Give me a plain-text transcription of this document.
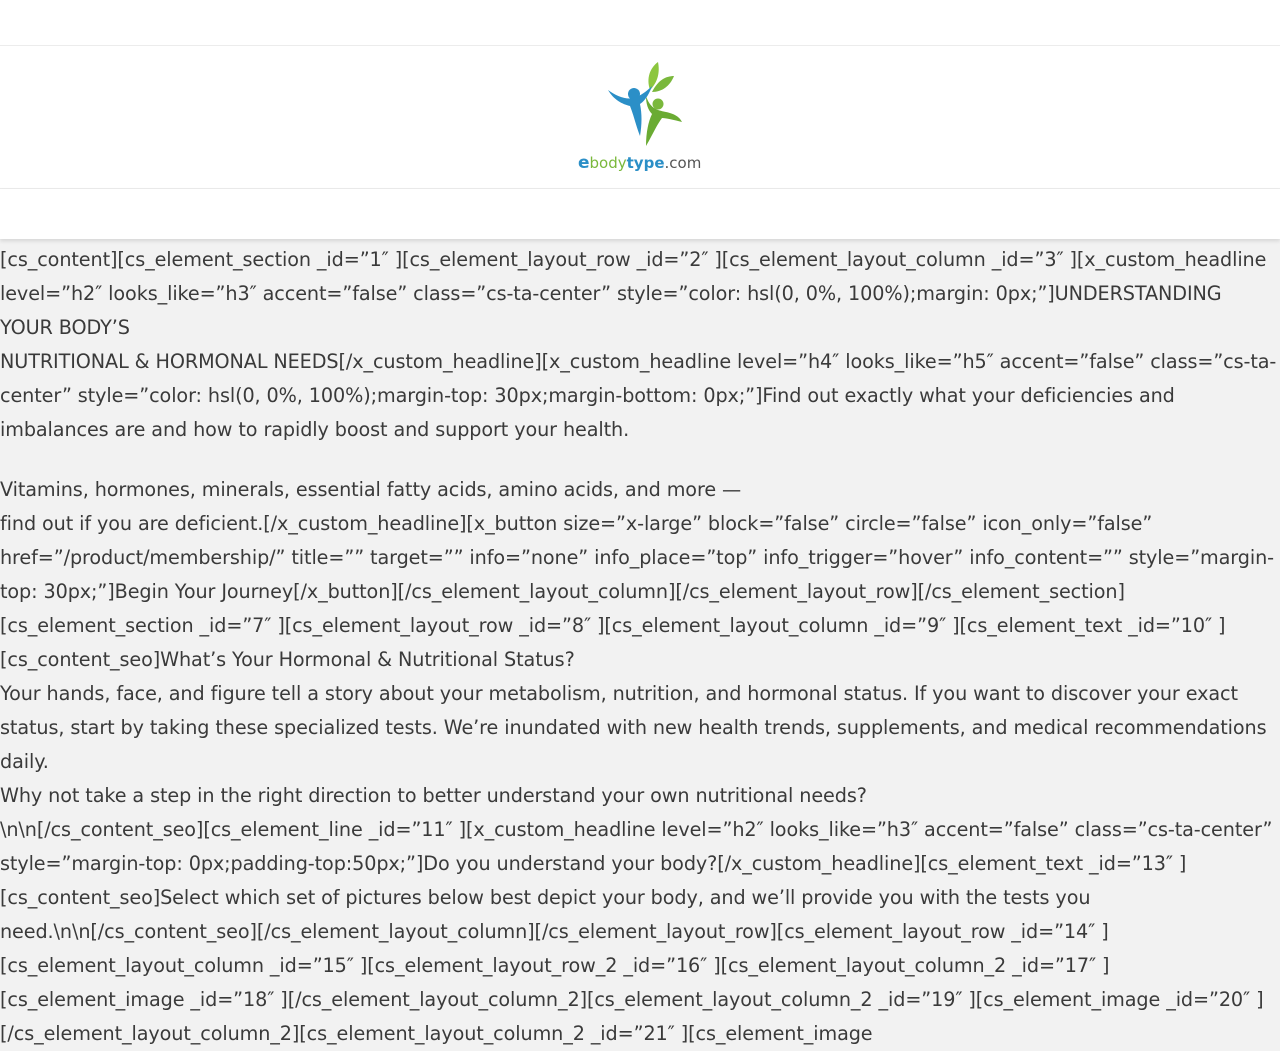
ebodytype.com

[cs_content][cs_element_section _id=”1″ ][cs_element_layout_row _id=”2″ ][cs_element_layout_column _id=”3″ ][x_custom_headline level=”h2″ looks_like=”h3″ accent=”false” class=”cs-ta-center” style=”color: hsl(0, 0%, 100%);margin: 0px;”]UNDERSTANDING YOUR BODY’S

NUTRITIONAL & HORMONAL NEEDS[/x_custom_headline][x_custom_headline level=”h4″ looks_like=”h5″ accent=”false” class=”cs-ta-center” style=”color: hsl(0, 0%, 100%);margin-top: 30px;margin-bottom: 0px;”]Find out exactly what your deficiencies and imbalances are and how to rapidly boost and support your health.

Vitamins, hormones, minerals, essential fatty acids, amino acids, and more —

find out if you are deficient.[/x_custom_headline][x_button size=”x-large” block=”false” circle=”false” icon_only=”false” href=”/product/membership/” title=”” target=”” info=”none” info_place=”top” info_trigger=”hover” info_content=”” style=”margin-top: 30px;”]Begin Your Journey[/x_button][/cs_element_layout_column][/cs_element_layout_row][/cs_element_section][cs_element_section _id=”7″ ][cs_element_layout_row _id=”8″ ][cs_element_layout_column _id=”9″ ][cs_element_text _id=”10″ ][cs_content_seo]What’s Your Hormonal & Nutritional Status?

Your hands, face, and figure tell a story about your metabolism, nutrition, and hormonal status. If you want to discover your exact status, start by taking these specialized tests. We’re inundated with new health trends, supplements, and medical recommendations daily.

Why not take a step in the right direction to better understand your own nutritional needs?

\n\n[/cs_content_seo][cs_element_line _id=”11″ ][x_custom_headline level=”h2″ looks_like=”h3″ accent=”false” class=”cs-ta-center” style=”margin-top: 0px;padding-top:50px;”]Do you understand your body?[/x_custom_headline][cs_element_text _id=”13″ ][cs_content_seo]Select which set of pictures below best depict your body, and we’ll provide you with the tests you need.\n\n[/cs_content_seo][/cs_element_layout_column][/cs_element_layout_row][cs_element_layout_row _id=”14″ ][cs_element_layout_column _id=”15″ ][cs_element_layout_row_2 _id=”16″ ][cs_element_layout_column_2 _id=”17″ ][cs_element_image _id=”18″ ][/cs_element_layout_column_2][cs_element_layout_column_2 _id=”19″ ][cs_element_image _id=”20″ ][/cs_element_layout_column_2][cs_element_layout_column_2 _id=”21″ ][cs_element_image
